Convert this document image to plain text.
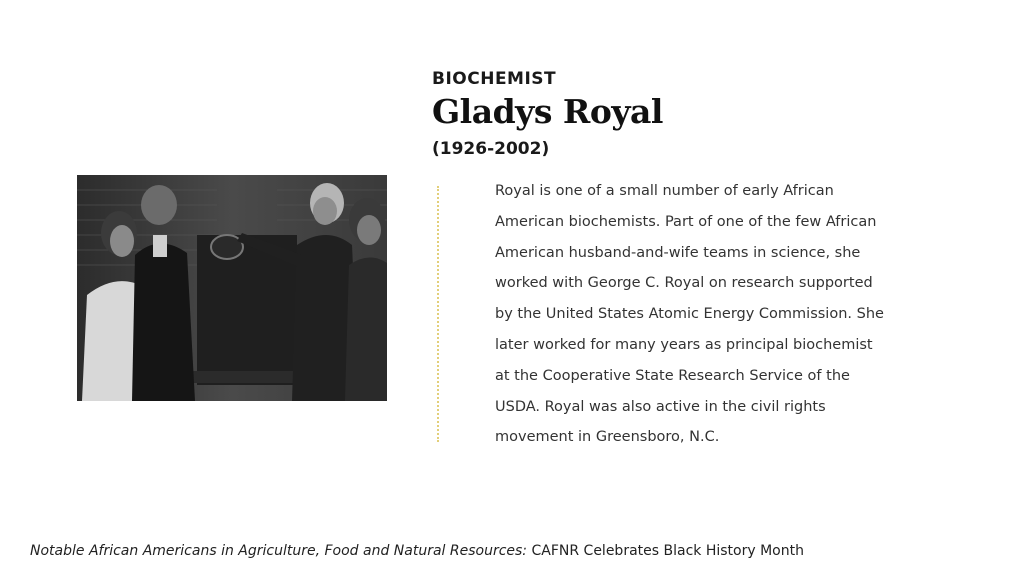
BIOCHEMIST
Gladys Royal
(1926-2002)

Royal is one of a small number of early African
American biochemists. Part of one of the few African
American husband-and-wife teams in science, she
worked with George C. Royal on research supported
by the United States Atomic Energy Commission. She
later worked for many years as principal biochemist
at the Cooperative State Research Service of the
USDA. Royal was also active in the civil rights
movement in Greensboro, N.C.

Notable African Americans in Agriculture, Food and Natural Resources: CAFNR Celebrates Black History Month
